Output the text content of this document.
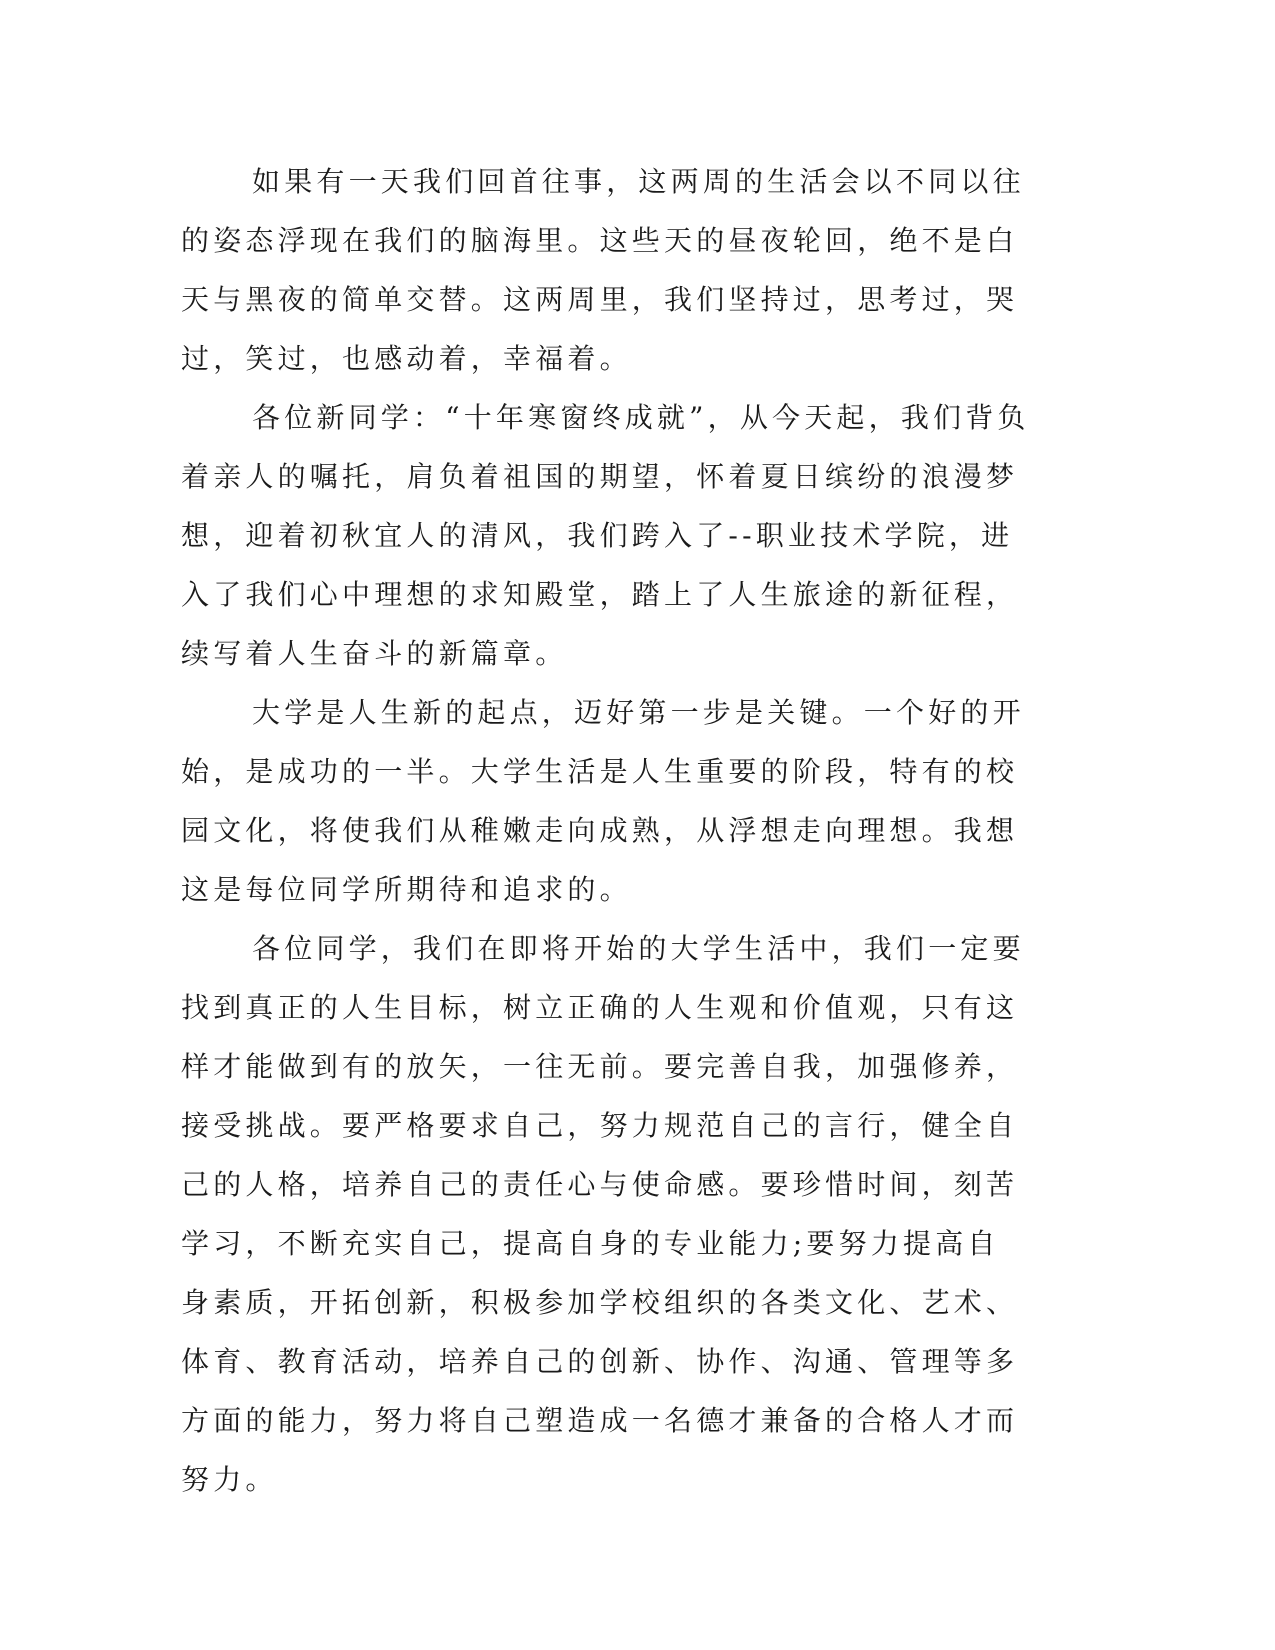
如果有一天我们回首往事，这两周的生活会以不同以往的姿态浮现在我们的脑海里。这些天的昼夜轮回，绝不是白天与黑夜的简单交替。这两周里，我们坚持过，思考过，哭过，笑过，也感动着，幸福着。

各位新同学：“十年寒窗终成就”，从今天起，我们背负着亲人的嘱托，肩负着祖国的期望，怀着夏日缤纷的浪漫梦想，迎着初秋宜人的清风，我们跨入了--职业技术学院，进入了我们心中理想的求知殿堂，踏上了人生旅途的新征程，续写着人生奋斗的新篇章。

大学是人生新的起点，迈好第一步是关键。一个好的开始，是成功的一半。大学生活是人生重要的阶段，特有的校园文化，将使我们从稚嫩走向成熟，从浮想走向理想。我想这是每位同学所期待和追求的。

各位同学，我们在即将开始的大学生活中，我们一定要找到真正的人生目标，树立正确的人生观和价值观，只有这样才能做到有的放矢，一往无前。要完善自我，加强修养，接受挑战。要严格要求自己，努力规范自己的言行，健全自己的人格，培养自己的责任心与使命感。要珍惜时间，刻苦学习，不断充实自己，提高自身的专业能力;要努力提高自身素质，开拓创新，积极参加学校组织的各类文化、艺术、体育、教育活动，培养自己的创新、协作、沟通、管理等多方面的能力，努力将自己塑造成一名德才兼备的合格人才而努力。
